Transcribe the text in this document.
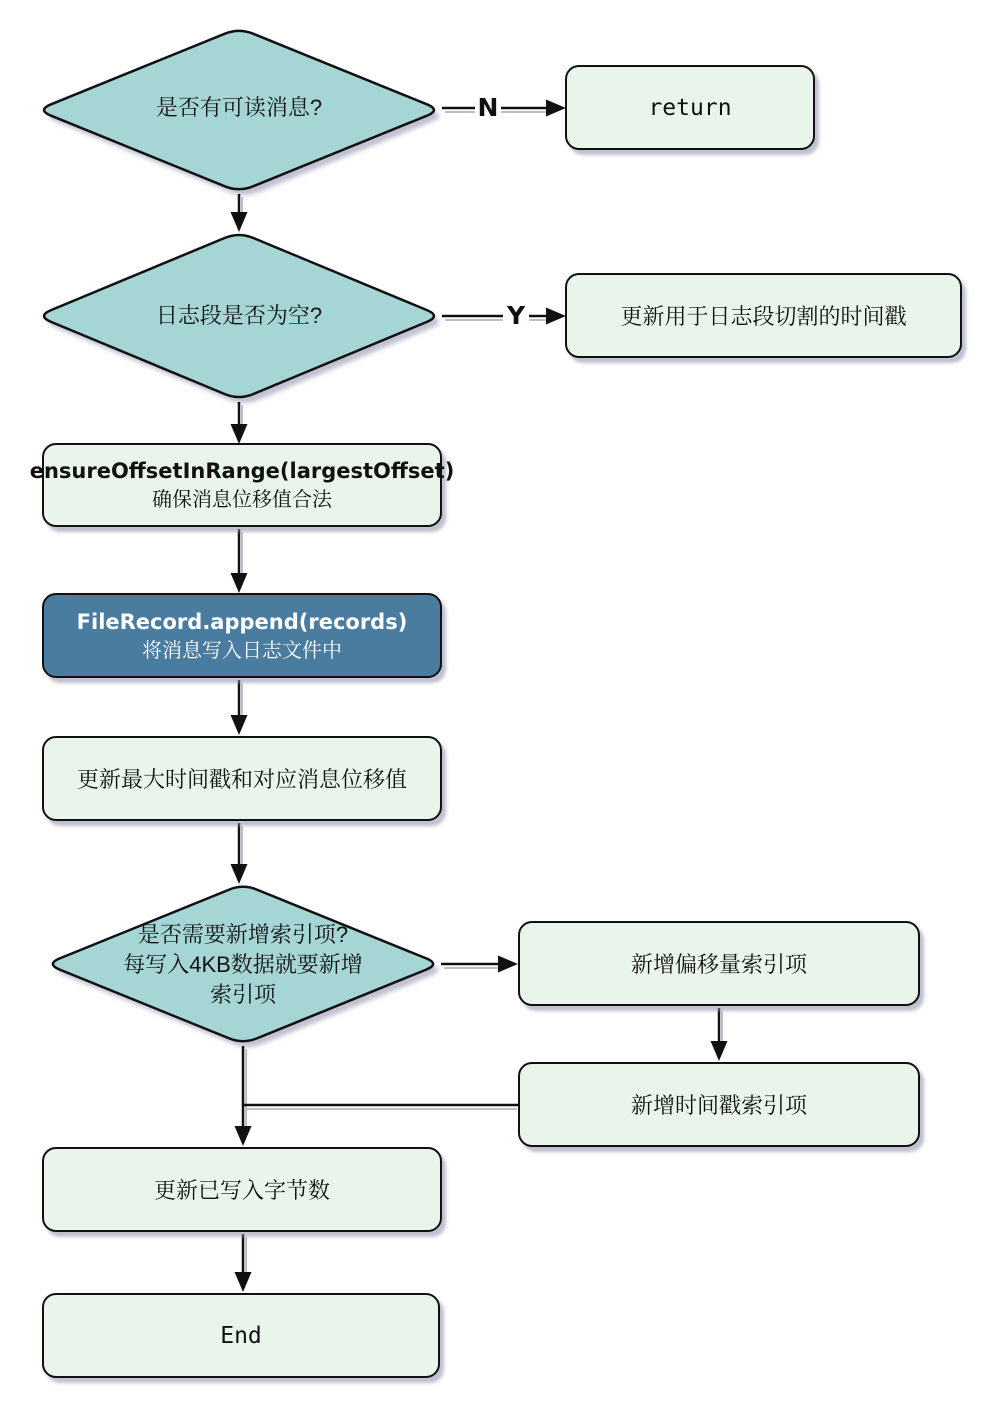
是否有可读消息?
日志段是否为空?
是否需要新增索引项?
每写入4KB数据就要新增
索引项
return
更新用于日志段切割的时间戳
ensureOffsetInRange(largestOffset)
确保消息位移值合法
FileRecord.append(records)
将消息写入日志文件中
更新最大时间戳和对应消息位移值
新增偏移量索引项
新增时间戳索引项
更新已写入字节数
End
N
Y
